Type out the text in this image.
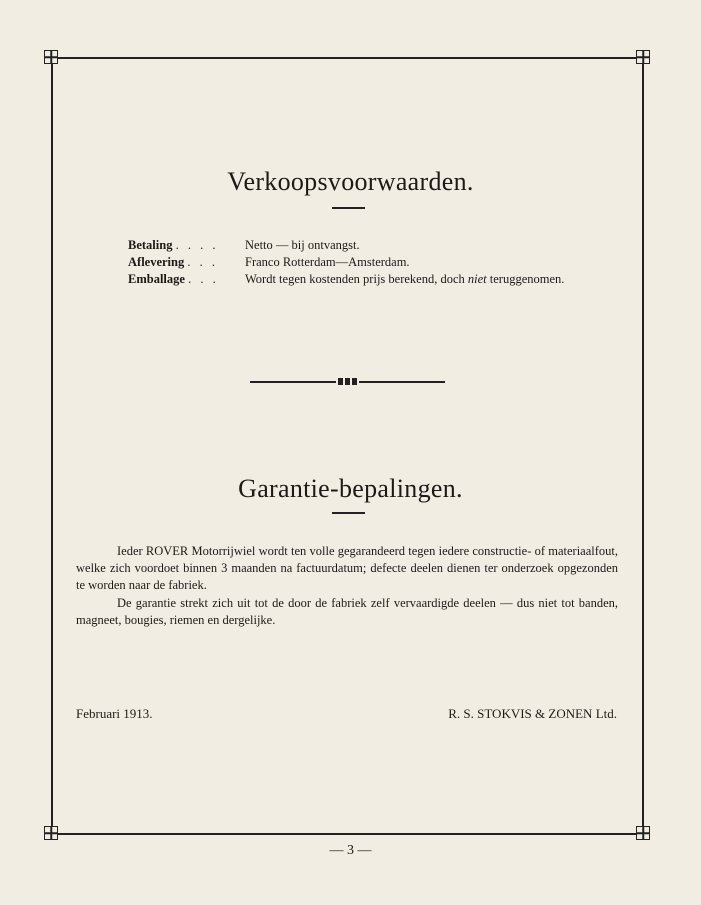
Verkoopsvoorwaarden.
Betaling . . . .	Netto — bij ontvangst.
Aflevering . . .	Franco Rotterdam—Amsterdam.
Emballage . . .	Wordt tegen kostenden prijs berekend, doch niet teruggenomen.
Garantie-bepalingen.

Ieder ROVER Motorrijwiel wordt ten volle gegarandeerd tegen iedere constructie- of materiaalfout, welke zich voordoet binnen 3 maanden na factuurdatum; defecte deelen dienen ter onderzoek opgezonden te worden naar de fabriek.

De garantie strekt zich uit tot de door de fabriek zelf vervaardigde deelen — dus niet tot banden, magneet, bougies, riemen en dergelijke.

Februari 1913.	R. S. STOKVIS & ZONEN Ltd.
— 3 —
